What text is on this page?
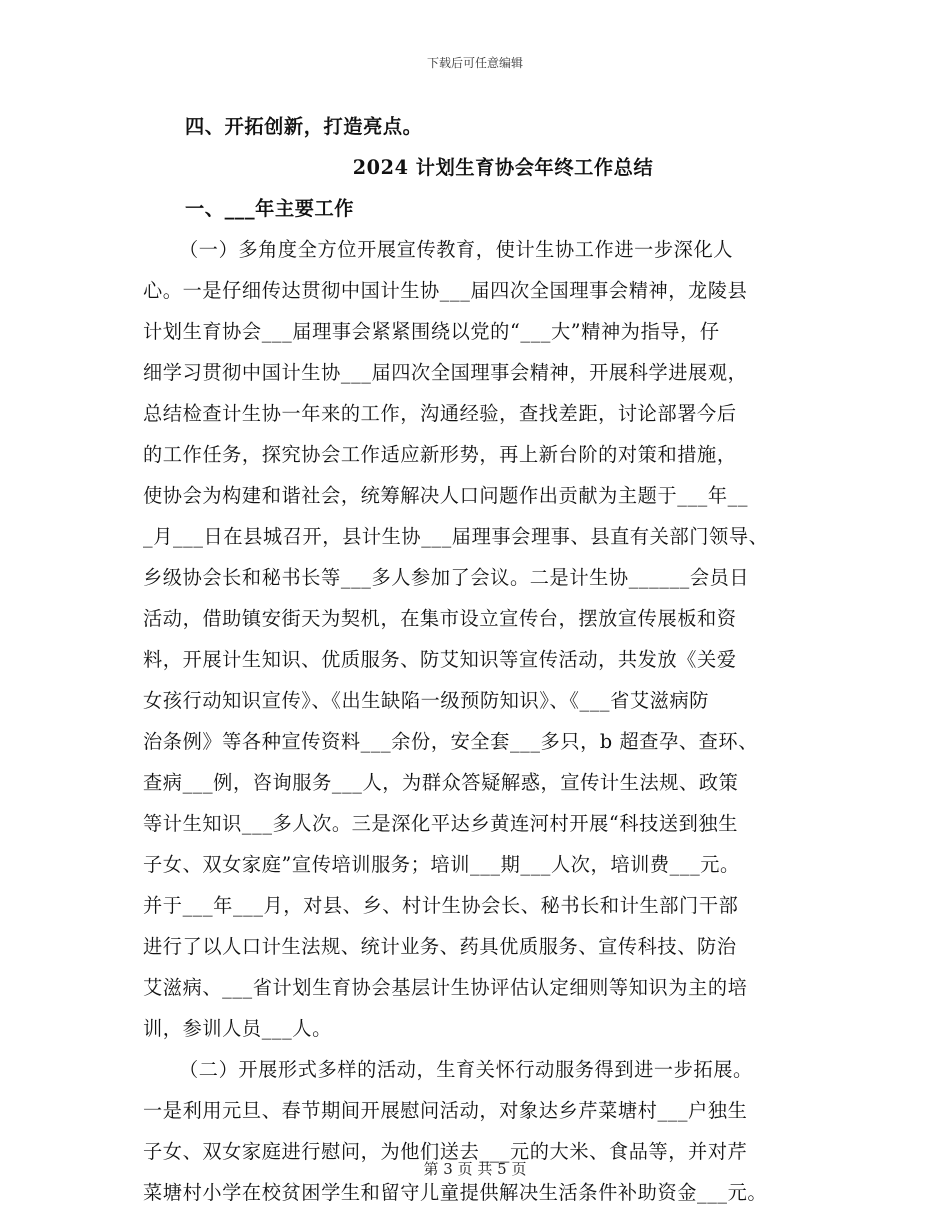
下载后可任意编辑
四、开拓创新，打造亮点。
2024 计划生育协会年终工作总结
一、___年主要工作
（一）多角度全方位开展宣传教育，使计生协工作进一步深化人
心。一是仔细传达贯彻中国计生协___届四次全国理事会精神，龙陵县
计划生育协会___届理事会紧紧围绕以党的“___大”精神为指导，仔
细学习贯彻中国计生协___届四次全国理事会精神，开展科学进展观，
总结检查计生协一年来的工作，沟通经验，查找差距，讨论部署今后
的工作任务，探究协会工作适应新形势，再上新台阶的对策和措施，
使协会为构建和谐社会，统筹解决人口问题作出贡献为主题于___年__
_月___日在县城召开，县计生协___届理事会理事、县直有关部门领导、
乡级协会长和秘书长等___多人参加了会议。二是计生协______会员日
活动，借助镇安街天为契机，在集市设立宣传台，摆放宣传展板和资
料，开展计生知识、优质服务、防艾知识等宣传活动，共发放《关爱
女孩行动知识宣传》、《出生缺陷一级预防知识》、《___省艾滋病防
治条例》等各种宣传资料___余份，安全套___多只，b 超查孕、查环、
查病___例，咨询服务___人，为群众答疑解惑，宣传计生法规、政策
等计生知识___多人次。三是深化平达乡黄连河村开展“科技送到独生
子女、双女家庭”宣传培训服务；培训___期___人次，培训费___元。
并于___年___月，对县、乡、村计生协会长、秘书长和计生部门干部
进行了以人口计生法规、统计业务、药具优质服务、宣传科技、防治
艾滋病、___省计划生育协会基层计生协评估认定细则等知识为主的培
训，参训人员___人。
（二）开展形式多样的活动，生育关怀行动服务得到进一步拓展。
一是利用元旦、春节期间开展慰问活动，对象达乡芹菜塘村___户独生
子女、双女家庭进行慰问，为他们送去___元的大米、食品等，并对芹
菜塘村小学在校贫困学生和留守儿童提供解决生活条件补助资金___元。
第 3 页 共 5 页
